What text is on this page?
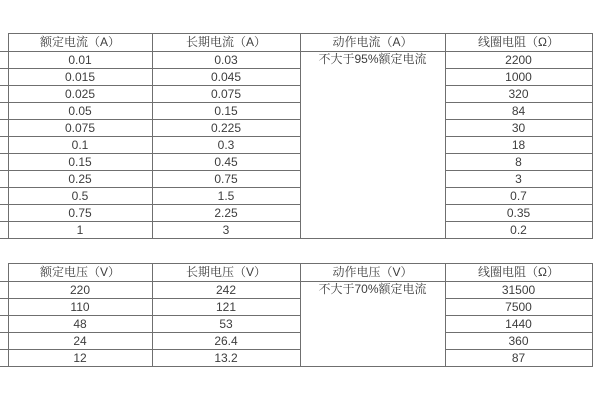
	额定电流（A）	长期电流（A）	动作电流（A）	线圈电阻（Ω）
	0.01	0.03	不大于95%额定电流	2200
	0.015	0.045		1000
	0.025	0.075		320
	0.05	0.15		84
	0.075	0.225		30
	0.1	0.3		18
	0.15	0.45		8
	0.25	0.75		3
	0.5	1.5		0.7
	0.75	2.25		0.35
	1	3		0.2
	额定电压（V）	长期电压（V）	动作电压（V）	线圈电阻（Ω）
	220	242	不大于70%额定电流	31500
	110	121		7500
	48	53		1440
	24	26.4		360
	12	13.2		87
